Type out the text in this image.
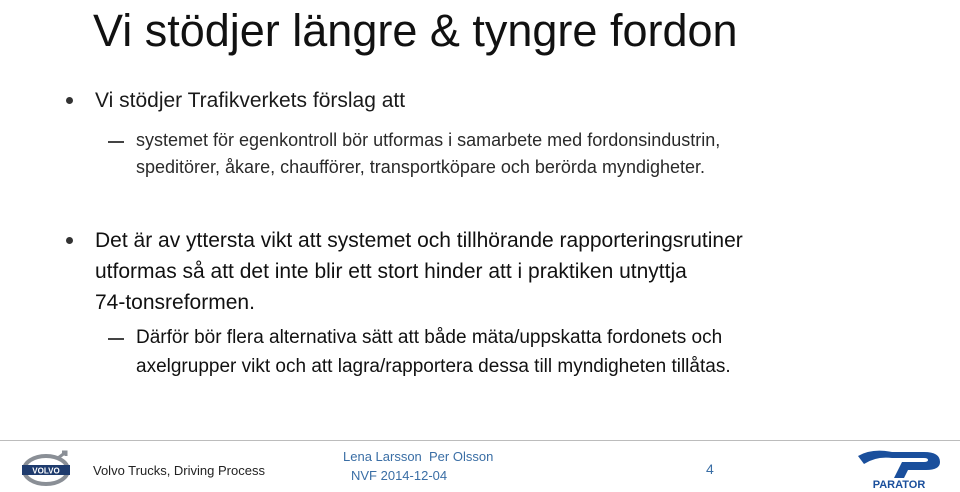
Vi stödjer längre & tyngre fordon
Vi stödjer Trafikverkets förslag att
systemet för egenkontroll bör utformas i samarbete med fordonsindustrin,
speditörer, åkare, chaufförer, transportköpare och berörda myndigheter.
Det är av yttersta vikt att systemet och tillhörande rapporteringsrutiner
utformas så att det inte blir ett stort hinder att i praktiken utnyttja
74-tonsreformen.
Därför bör flera alternativa sätt att både mäta/uppskatta fordonets och
axelgrupper vikt och att lagra/rapportera dessa till myndigheten tillåtas.
VOLVO	Volvo Trucks, Driving Process
Lena Larsson  Per Olsson
NVF 2014-12-04	4
PARATOR
